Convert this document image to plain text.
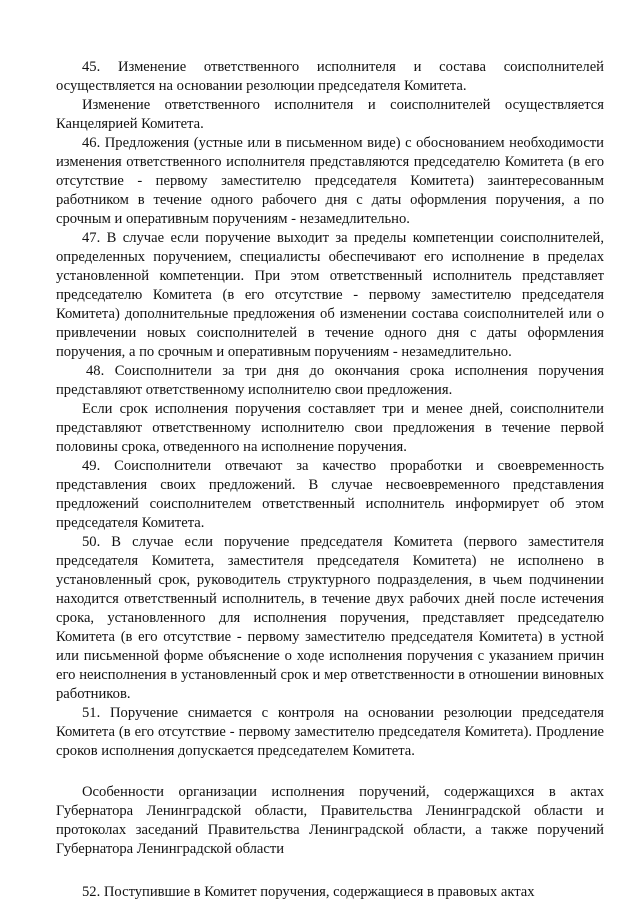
45. Изменение ответственного исполнителя и состава соисполнителей осуществляется на основании резолюции председателя Комитета.

Изменение ответственного исполнителя и соисполнителей осуществляется Канцелярией Комитета.

46. Предложения (устные или в письменном виде) с обоснованием необходимости изменения ответственного исполнителя представляются председателю Комитета (в его отсутствие - первому заместителю председателя Комитета) заинтересованным работником в течение одного рабочего дня с даты оформления поручения, а по срочным и оперативным поручениям - незамедлительно.

47. В случае если поручение выходит за пределы компетенции соисполнителей, определенных поручением, специалисты обеспечивают его исполнение в пределах установленной компетенции. При этом ответственный исполнитель представляет председателю Комитета (в его отсутствие - первому заместителю председателя Комитета) дополнительные предложения об изменении состава соисполнителей или о привлечении новых соисполнителей в течение одного дня с даты оформления поручения, а по срочным и оперативным поручениям - незамедлительно.

48. Соисполнители за три дня до окончания срока исполнения поручения представляют ответственному исполнителю свои предложения.

Если срок исполнения поручения составляет три и менее дней, соисполнители представляют ответственному исполнителю свои предложения в течение первой половины срока, отведенного на исполнение поручения.

49. Соисполнители отвечают за качество проработки и своевременность представления своих предложений. В случае несвоевременного представления предложений соисполнителем ответственный исполнитель информирует об этом председателя Комитета.

50. В случае если поручение председателя Комитета (первого заместителя председателя Комитета, заместителя председателя Комитета) не исполнено в установленный срок, руководитель структурного подразделения, в чьем подчинении находится ответственный исполнитель, в течение двух рабочих дней после истечения срока, установленного для исполнения поручения, представляет председателю Комитета (в его отсутствие - первому заместителю председателя Комитета) в устной или письменной форме объяснение о ходе исполнения поручения с указанием причин его неисполнения в установленный срок и мер ответственности в отношении виновных работников.

51. Поручение снимается с контроля на основании резолюции председателя Комитета (в его отсутствие - первому заместителю председателя Комитета). Продление сроков исполнения допускается председателем Комитета.

Особенности организации исполнения поручений, содержащихся в актах Губернатора Ленинградской области, Правительства Ленинградской области и протоколах заседаний Правительства Ленинградской области, а также поручений Губернатора Ленинградской области

52. Поступившие в Комитет поручения, содержащиеся в правовых актах
